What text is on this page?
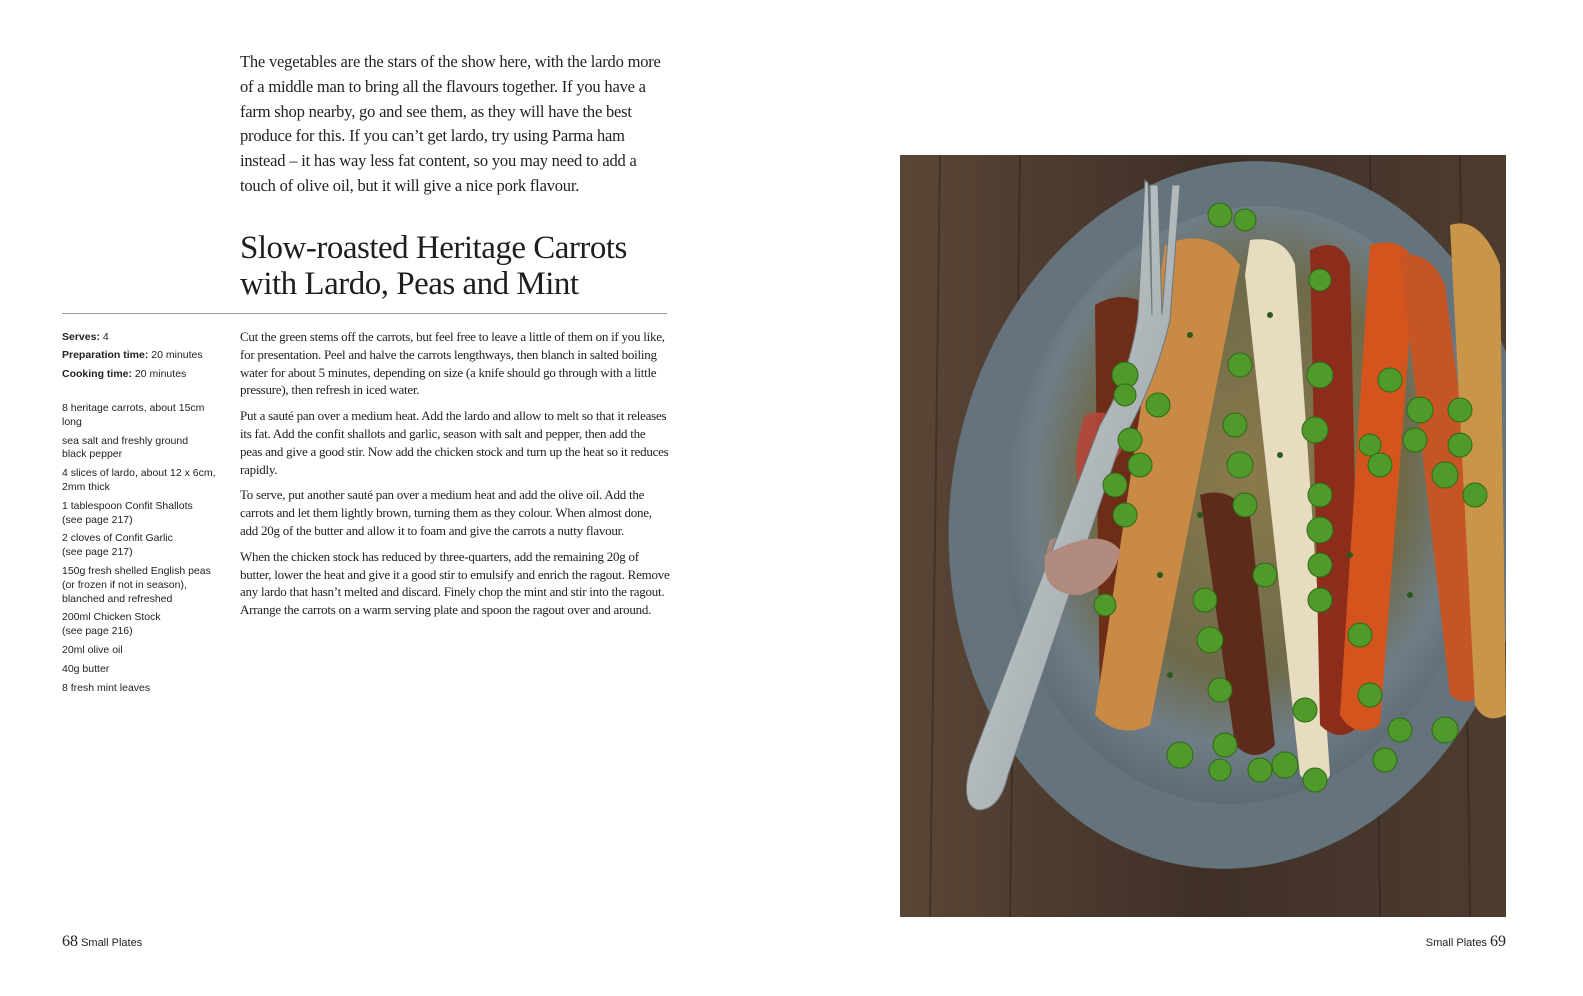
The vegetables are the stars of the show here, with the lardo more of a middle man to bring all the flavours together. If you have a farm shop nearby, go and see them, as they will have the best produce for this. If you can’t get lardo, try using Parma ham instead – it has way less fat content, so you may need to add a touch of olive oil, but it will give a nice pork flavour.

Slow-roasted Heritage Carrots
with Lardo, Peas and Mint
Serves: 4
Preparation time: 20 minutes
Cooking time: 20 minutes
8 heritage carrots, about 15cm long
sea salt and freshly ground black pepper
4 slices of lardo, about 12 x 6cm, 2mm thick
1 tablespoon Confit Shallots (see page 217)
2 cloves of Confit Garlic (see page 217)
150g fresh shelled English peas (or frozen if not in season), blanched and refreshed
200ml Chicken Stock (see page 216)
20ml olive oil
40g butter
8 fresh mint leaves

Cut the green stems off the carrots, but feel free to leave a little of them on if you like, for presentation. Peel and halve the carrots lengthways, then blanch in salted boiling water for about 5 minutes, depending on size (a knife should go through with a little pressure), then refresh in iced water.

Put a sauté pan over a medium heat. Add the lardo and allow to melt so that it releases its fat. Add the confit shallots and garlic, season with salt and pepper, then add the peas and give a good stir. Now add the chicken stock and turn up the heat so it reduces rapidly.

To serve, put another sauté pan over a medium heat and add the olive oil. Add the carrots and let them lightly brown, turning them as they colour. When almost done, add 20g of the butter and allow it to foam and give the carrots a nutty flavour.

When the chicken stock has reduced by three-quarters, add the remaining 20g of butter, lower the heat and give it a good stir to emulsify and enrich the ragout. Remove any lardo that hasn’t melted and discard. Finely chop the mint and stir into the ragout. Arrange the carrots on a warm serving plate and spoon the ragout over and around.

68 Small Plates	Small Plates 69
